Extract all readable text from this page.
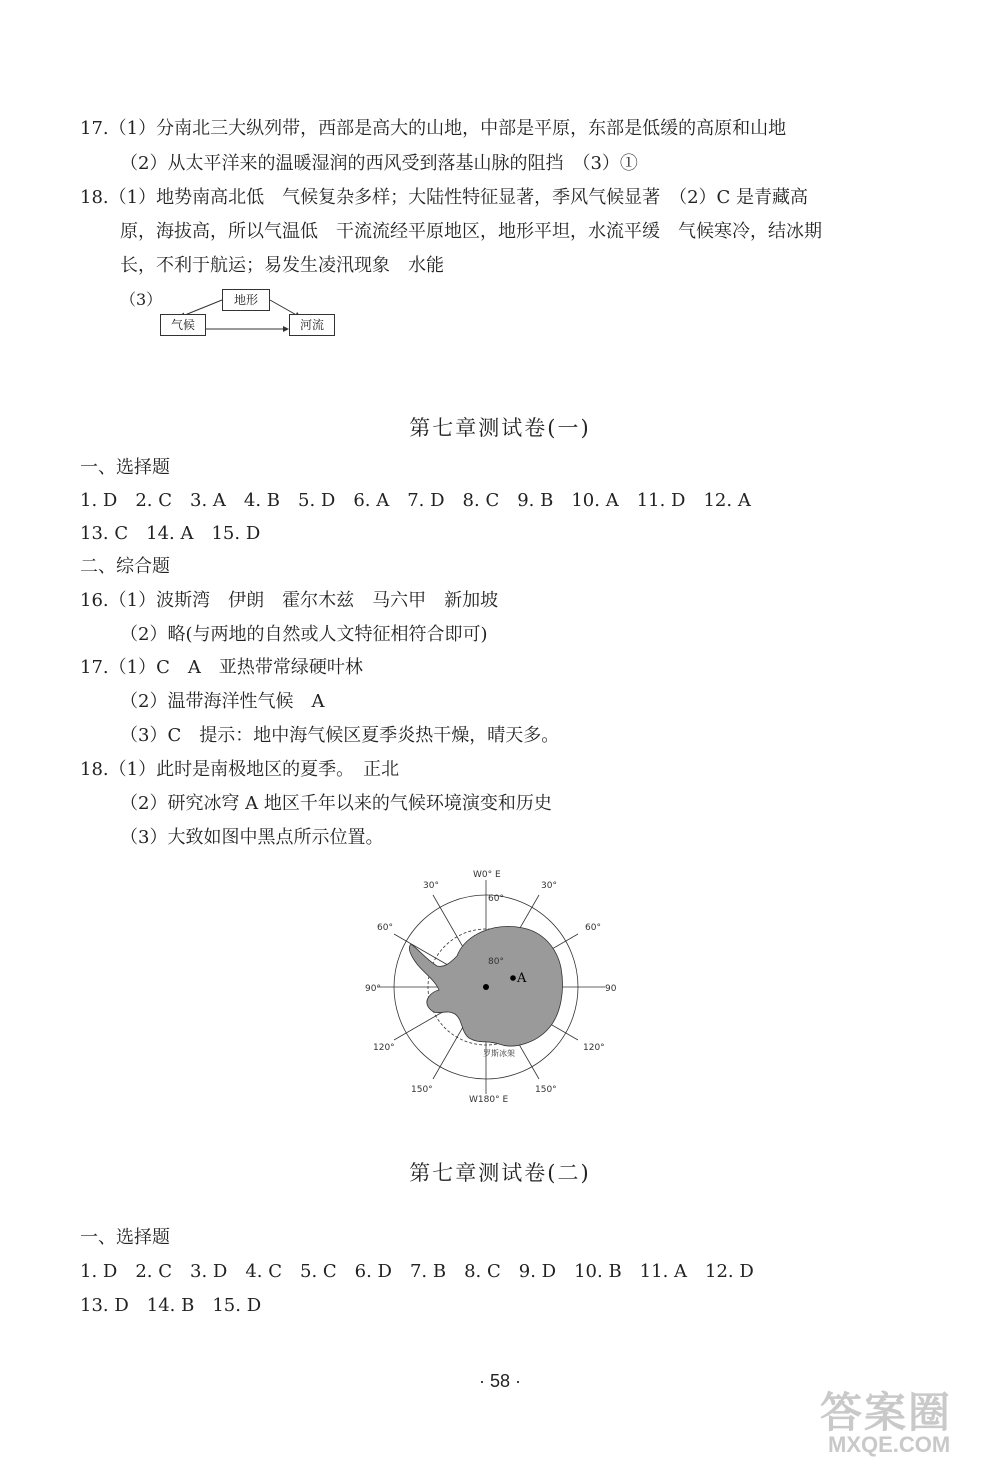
17.（1）分南北三大纵列带，西部是高大的山地，中部是平原，东部是低缓的高原和山地
（2）从太平洋来的温暖湿润的西风受到落基山脉的阻挡　（3）①
18.（1）地势南高北低　气候复杂多样；大陆性特征显著，季风气候显著　（2）C 是青藏高
原，海拔高，所以气温低　干流流经平原地区，地形平坦，水流平缓　气候寒冷，结冰期
长，不利于航运；易发生凌汛现象　水能
（3）	地形
气候	河流
第七章测试卷(一)
一、选择题
1. D　2. C　3. A　4. B　5. D　6. A　7. D　8. C　9. B　10. A　11. D　12. A
13. C　14. A　15. D
二、综合题
16.（1）波斯湾　伊朗　霍尔木兹　马六甲　新加坡
（2）略(与两地的自然或人文特征相符合即可)
17.（1）C　A　亚热带常绿硬叶林
（2）温带海洋性气候　A
（3）C　提示：地中海气候区夏季炎热干燥，晴天多。
18.（1）此时是南极地区的夏季。　正北
（2）研究冰穹 A 地区千年以来的气候环境演变和历史
（3）大致如图中黑点所示位置。
W0° E
W180° E
90°	90
30°	30°
60°	60°
120°	120°
150°	150°
60°
80°
A
罗斯冰架
第七章测试卷(二)
一、选择题
1. D　2. C　3. D　4. C　5. C　6. D　7. B　8. C　9. D　10. B　11. A　12. D
13. D　14. B　15. D
· 58 ·
答案圈
MXQE.COM
